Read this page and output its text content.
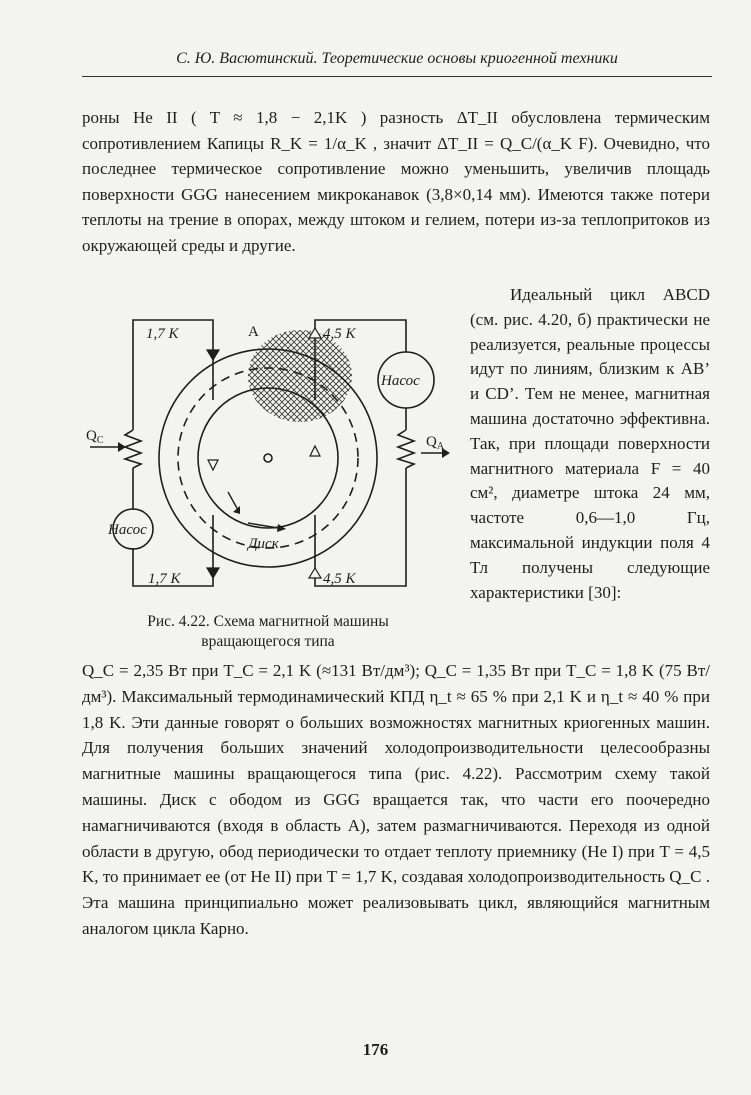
С. Ю. Васютинский. Теоретические основы криогенной техники

роны He II ( T ≈ 1,8 − 2,1K ) разность ΔT_II обусловлена термическим сопротивлением Капицы R_K = 1/α_K , значит ΔT_II = Q_C/(α_K F). Очевидно, что последнее термическое сопротивление можно уменьшить, увеличив площадь поверхности GGG нанесением микроканавок (3,8×0,14 мм). Имеются также потери теплоты на трение в опорах, между штоком и гелием, потери из-за теплопритоков из окружающей среды и другие.

1,7 K	4,5 K
1,7 K	4,5 K
A
Насос
Насос
$Q_C$	$Q_A$
Диск
Рис. 4.22. Схема магнитной машины
вращающегося типа

Идеальный цикл ABCD (см. рис. 4.20, б) практически не реализуется, реальные процессы идут по линиям, близким к AB’ и CD’. Тем не менее, магнитная машина достаточно эффективна. Так, при площади поверхности магнитного материала F = 40 см², диаметре штока 24 мм, частоте 0,6—1,0 Гц, максимальной индукции поля 4 Тл получены следующие характеристики [30]:

Q_C = 2,35 Вт при T_C = 2,1 K (≈131 Вт/дм³); Q_C = 1,35 Вт при T_C = 1,8 K (75 Вт/дм³). Максимальный термодинамический КПД η_t ≈ 65 % при 2,1 K и η_t ≈ 40 % при 1,8 K. Эти данные говорят о больших возможностях магнитных криогенных машин. Для получения больших значений холодопроизводительности целесообразны магнитные машины вращающегося типа (рис. 4.22). Рассмотрим схему такой машины. Диск с ободом из GGG вращается так, что части его поочередно намагничиваются (входя в область А), затем размагничиваются. Переходя из одной области в другую, обод периодически то отдает теплоту приемнику (He I) при T = 4,5 K, то принимает ее (от He II) при T = 1,7 K, создавая холодопроизводительность Q_C . Эта машина принципиально может реализовывать цикл, являющийся магнитным аналогом цикла Карно.

176
